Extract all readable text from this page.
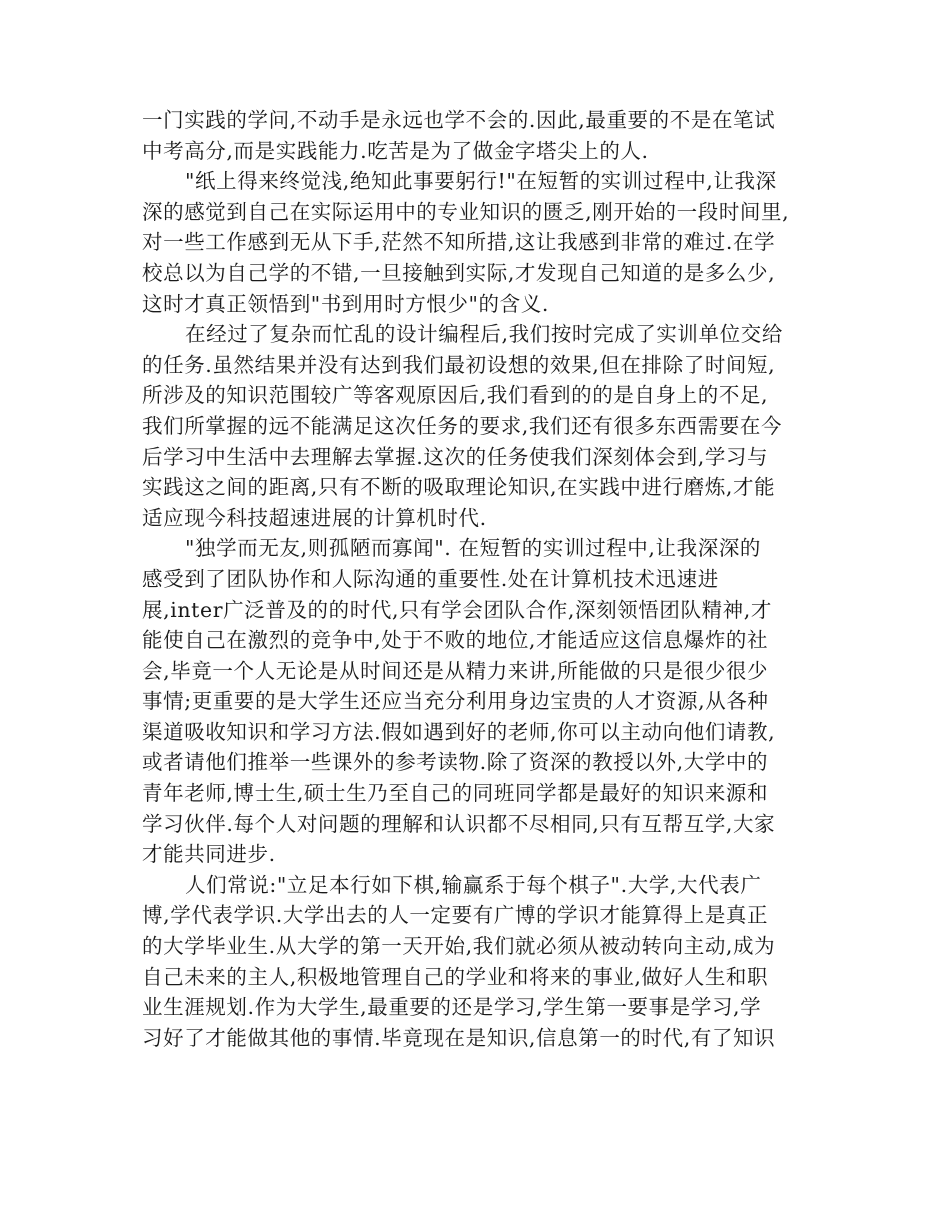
一门实践的学问,不动手是永远也学不会的.因此,最重要的不是在笔试
中考高分,而是实践能力.吃苦是为了做金字塔尖上的人.

"纸上得来终觉浅,绝知此事要躬行!"在短暂的实训过程中,让我深
深的感觉到自己在实际运用中的专业知识的匮乏,刚开始的一段时间里,
对一些工作感到无从下手,茫然不知所措,这让我感到非常的难过.在学
校总以为自己学的不错,一旦接触到实际,才发现自己知道的是多么少,
这时才真正领悟到"书到用时方恨少"的含义.

在经过了复杂而忙乱的设计编程后,我们按时完成了实训单位交给
的任务.虽然结果并没有达到我们最初设想的效果,但在排除了时间短,
所涉及的知识范围较广等客观原因后,我们看到的的是自身上的不足,
我们所掌握的远不能满足这次任务的要求,我们还有很多东西需要在今
后学习中生活中去理解去掌握.这次的任务使我们深刻体会到,学习与
实践这之间的距离,只有不断的吸取理论知识,在实践中进行磨炼,才能
适应现今科技超速进展的计算机时代.

"独学而无友,则孤陋而寡闻". 在短暂的实训过程中,让我深深的
感受到了团队协作和人际沟通的重要性.处在计算机技术迅速进
展,inter广泛普及的的时代,只有学会团队合作,深刻领悟团队精神,才
能使自己在激烈的竞争中,处于不败的地位,才能适应这信息爆炸的社
会,毕竟一个人无论是从时间还是从精力来讲,所能做的只是很少很少
事情;更重要的是大学生还应当充分利用身边宝贵的人才资源,从各种
渠道吸收知识和学习方法.假如遇到好的老师,你可以主动向他们请教,
或者请他们推举一些课外的参考读物.除了资深的教授以外,大学中的
青年老师,博士生,硕士生乃至自己的同班同学都是最好的知识来源和
学习伙伴.每个人对问题的理解和认识都不尽相同,只有互帮互学,大家
才能共同进步.

人们常说:"立足本行如下棋,输赢系于每个棋子".大学,大代表广
博,学代表学识.大学出去的人一定要有广博的学识才能算得上是真正
的大学毕业生.从大学的第一天开始,我们就必须从被动转向主动,成为
自己未来的主人,积极地管理自己的学业和将来的事业,做好人生和职
业生涯规划.作为大学生,最重要的还是学习,学生第一要事是学习,学
习好了才能做其他的事情.毕竟现在是知识,信息第一的时代,有了知识
